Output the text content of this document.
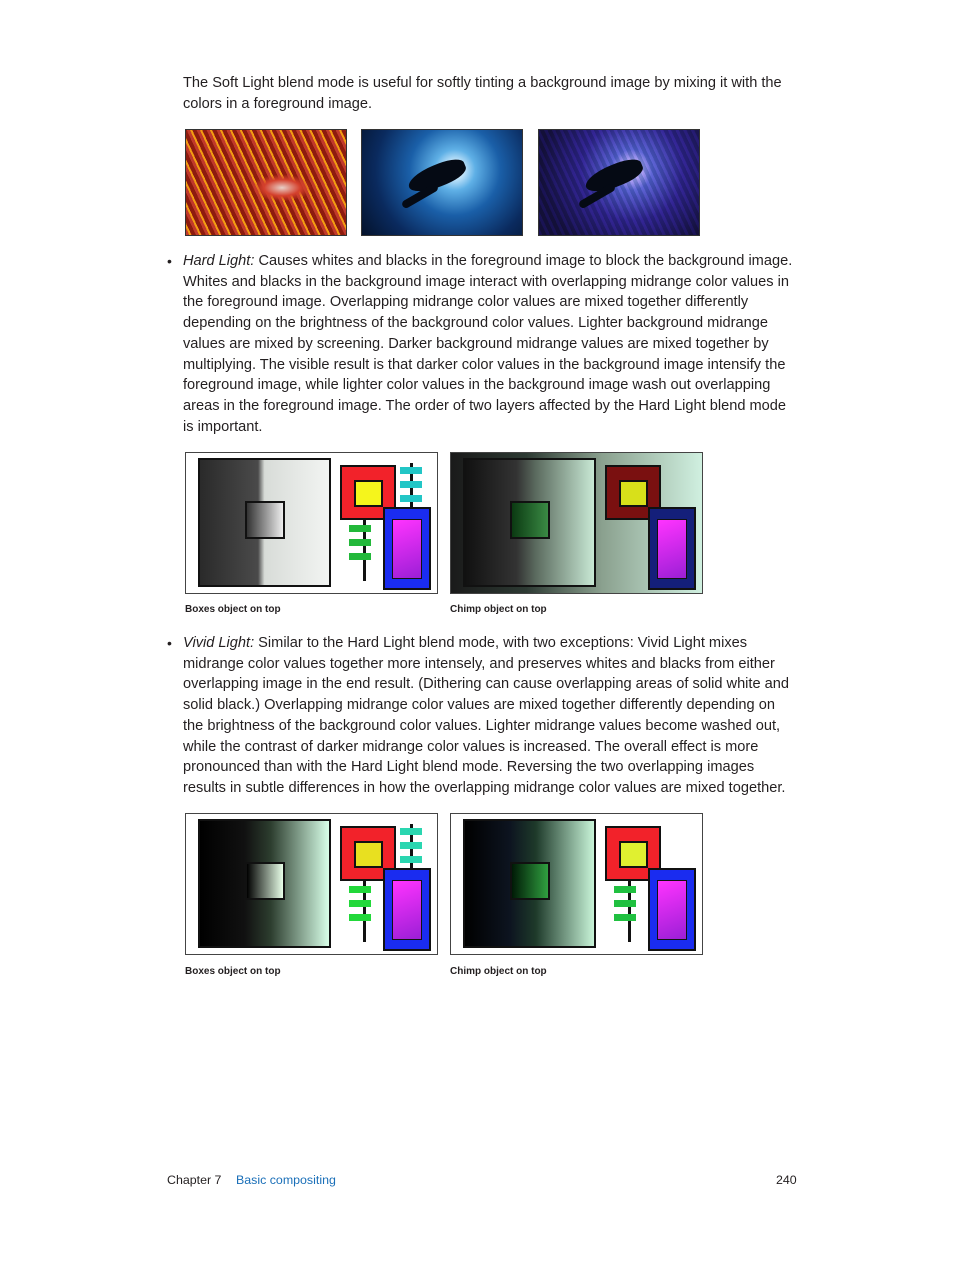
The Soft Light blend mode is useful for softly tinting a background image by mixing it with the colors in a foreground image.

• Hard Light: Causes whites and blacks in the foreground image to block the background image. Whites and blacks in the background image interact with overlapping midrange color values in the foreground image. Overlapping midrange color values are mixed together differently depending on the brightness of the background color values. Lighter background midrange values are mixed by screening. Darker background midrange values are mixed together by multiplying. The visible result is that darker color values in the background image intensify the foreground image, while lighter color values in the background image wash out overlapping areas in the foreground image. The order of two layers affected by the Hard Light blend mode is important.

Boxes object on top	Chimp object on top
• Vivid Light: Similar to the Hard Light blend mode, with two exceptions: Vivid Light mixes midrange color values together more intensely, and preserves whites and blacks from either overlapping image in the end result. (Dithering can cause overlapping areas of solid white and solid black.) Overlapping midrange color values are mixed together differently depending on the brightness of the background color values. Lighter midrange values become washed out, while the contrast of darker midrange color values is increased. The overall effect is more pronounced than with the Hard Light blend mode. Reversing the two overlapping images results in subtle differences in how the overlapping midrange color values are mixed together.

Boxes object on top	Chimp object on top
Chapter 7 Basic compositing	240
